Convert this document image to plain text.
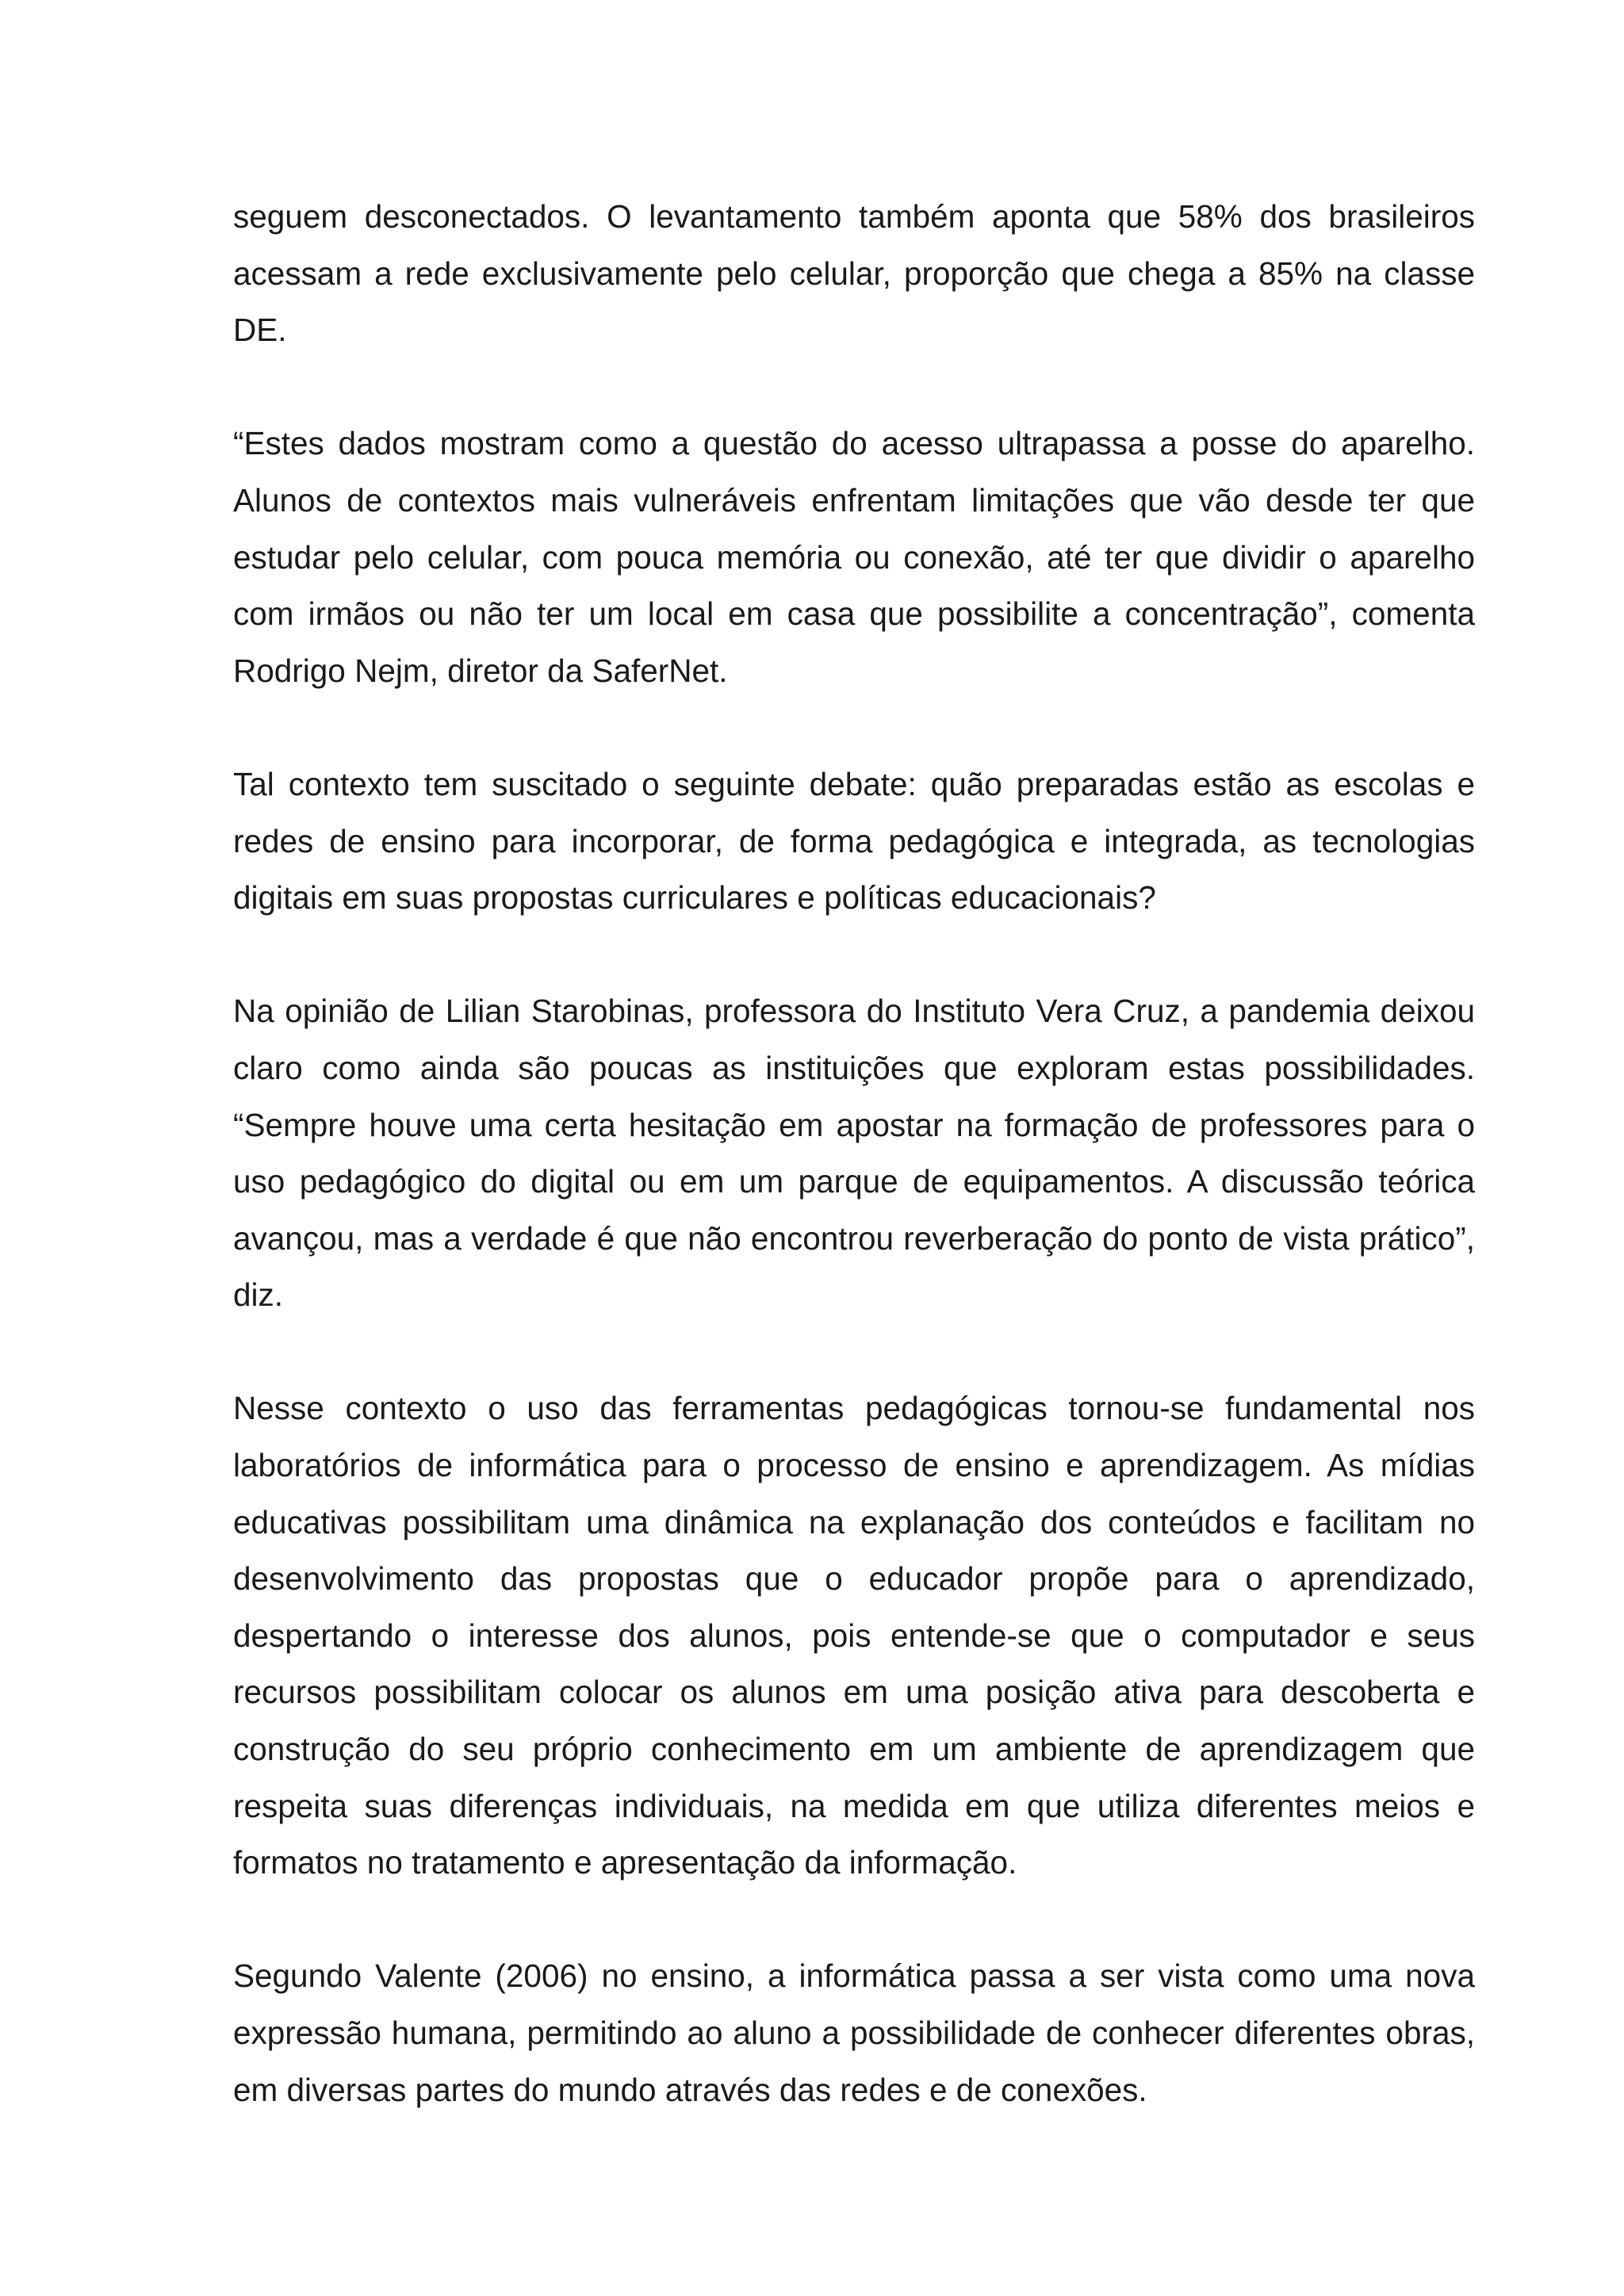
seguem desconectados. O levantamento também aponta que 58% dos brasileiros acessam a rede exclusivamente pelo celular, proporção que chega a 85% na classe DE.

“Estes dados mostram como a questão do acesso ultrapassa a posse do aparelho. Alunos de contextos mais vulneráveis enfrentam limitações que vão desde ter que estudar pelo celular, com pouca memória ou conexão, até ter que dividir o aparelho com irmãos ou não ter um local em casa que possibilite a concentração”, comenta Rodrigo Nejm, diretor da SaferNet.

Tal contexto tem suscitado o seguinte debate: quão preparadas estão as escolas e redes de ensino para incorporar, de forma pedagógica e integrada, as tecnologias digitais em suas propostas curriculares e políticas educacionais?

Na opinião de Lilian Starobinas, professora do Instituto Vera Cruz, a pandemia deixou claro como ainda são poucas as instituições que exploram estas possibilidades. “Sempre houve uma certa hesitação em apostar na formação de professores para o uso pedagógico do digital ou em um parque de equipamentos. A discussão teórica avançou, mas a verdade é que não encontrou reverberação do ponto de vista prático”, diz.

Nesse contexto o uso das ferramentas pedagógicas tornou-se fundamental nos laboratórios de informática para o processo de ensino e aprendizagem. As mídias educativas possibilitam uma dinâmica na explanação dos conteúdos e facilitam no desenvolvimento das propostas que o educador propõe para o aprendizado, despertando o interesse dos alunos, pois entende-se que o computador e seus recursos possibilitam colocar os alunos em uma posição ativa para descoberta e construção do seu próprio conhecimento em um ambiente de aprendizagem que respeita suas diferenças individuais, na medida em que utiliza diferentes meios e formatos no tratamento e apresentação da informação.

Segundo Valente (2006) no ensino, a informática passa a ser vista como uma nova expressão humana, permitindo ao aluno a possibilidade de conhecer diferentes obras, em diversas partes do mundo através das redes e de conexões.
